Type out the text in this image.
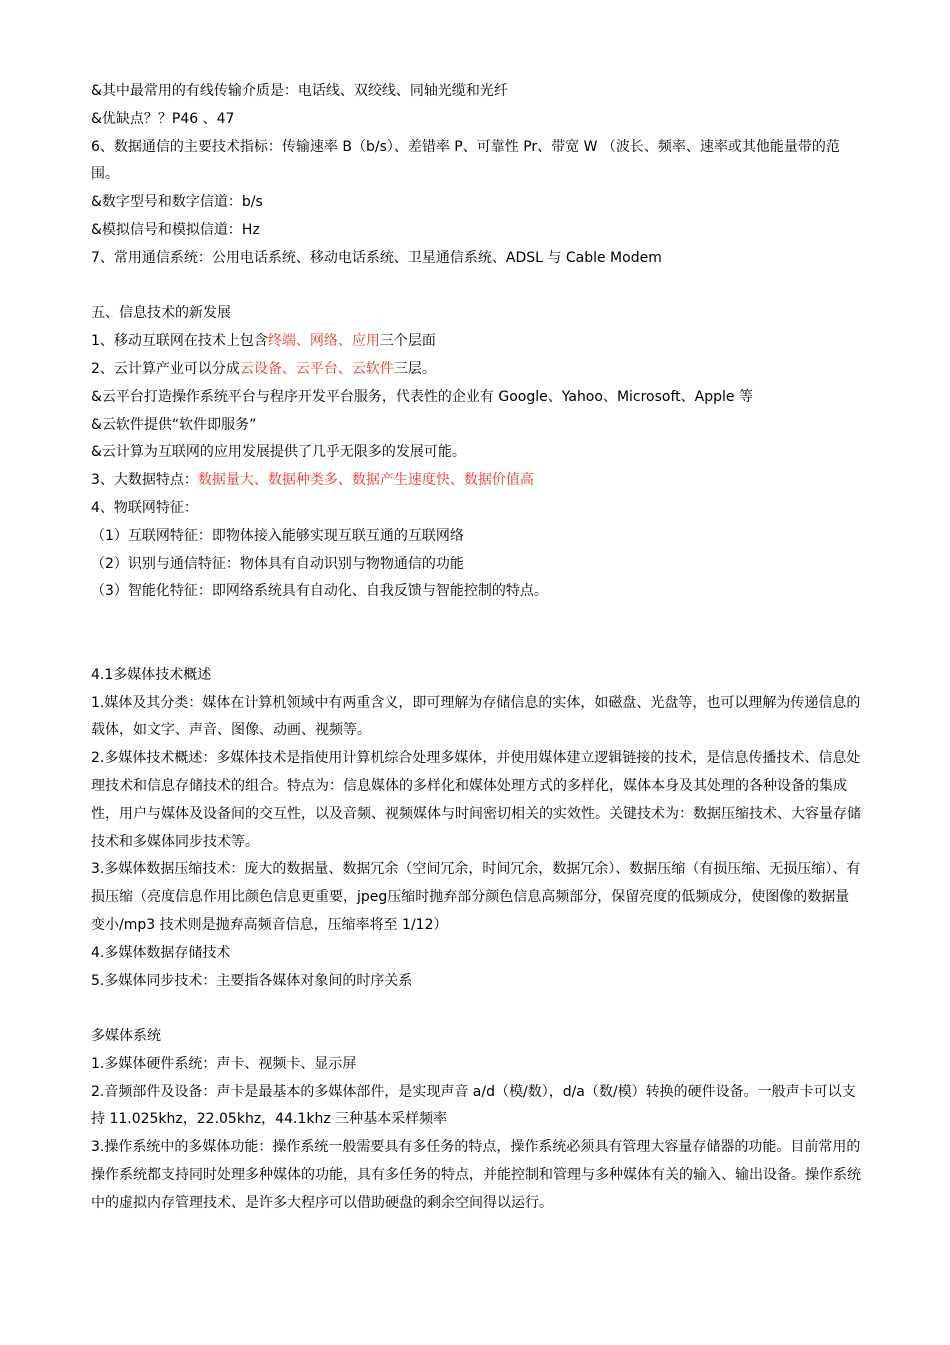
&其中最常用的有线传输介质是：电话线、双绞线、同轴光缆和光纤

&优缺点？？P46 、47

6、数据通信的主要技术指标：传输速率 B（b/s）、差错率 P、可靠性 Pr、带宽 W （波长、频率、速率或其他能量带的范围。

&数字型号和数字信道：b/s

&模拟信号和模拟信道：Hz

7、常用通信系统：公用电话系统、移动电话系统、卫星通信系统、ADSL 与 Cable Modem

五、信息技术的新发展

1、移动互联网在技术上包含终端、网络、应用三个层面

2、云计算产业可以分成云设备、云平台、云软件三层。

&云平台打造操作系统平台与程序开发平台服务，代表性的企业有 Google、Yahoo、Microsoft、Apple 等

&云软件提供“软件即服务”

&云计算为互联网的应用发展提供了几乎无限多的发展可能。

3、大数据特点：数据量大、数据种类多、数据产生速度快、数据价值高

4、物联网特征：

（1）互联网特征：即物体接入能够实现互联互通的互联网络

（2）识别与通信特征：物体具有自动识别与物物通信的功能

（3）智能化特征：即网络系统具有自动化、自我反馈与智能控制的特点。

4.1多媒体技术概述

1.媒体及其分类：媒体在计算机领域中有两重含义，即可理解为存储信息的实体，如磁盘、光盘等，也可以理解为传递信息的载体，如文字、声音、图像、动画、视频等。

2.多媒体技术概述：多媒体技术是指使用计算机综合处理多媒体，并使用媒体建立逻辑链接的技术，是信息传播技术、信息处理技术和信息存储技术的组合。特点为：信息媒体的多样化和媒体处理方式的多样化，媒体本身及其处理的各种设备的集成性，用户与媒体及设备间的交互性，以及音频、视频媒体与时间密切相关的实效性。关键技术为：数据压缩技术、大容量存储技术和多媒体同步技术等。

3.多媒体数据压缩技术：庞大的数据量、数据冗余（空间冗余，时间冗余，数据冗余）、数据压缩（有损压缩、无损压缩）、有损压缩（亮度信息作用比颜色信息更重要，jpeg压缩时抛弃部分颜色信息高频部分，保留亮度的低频成分，使图像的数据量变小/mp3 技术则是抛弃高频音信息，压缩率将至 1/12）

4.多媒体数据存储技术

5.多媒体同步技术：主要指各媒体对象间的时序关系

多媒体系统

1.多媒体硬件系统：声卡、视频卡、显示屏

2.音频部件及设备：声卡是最基本的多媒体部件，是实现声音 a/d（模/数），d/a（数/模）转换的硬件设备。一般声卡可以支持 11.025khz，22.05khz，44.1khz 三种基本采样频率

3.操作系统中的多媒体功能：操作系统一般需要具有多任务的特点，操作系统必须具有管理大容量存储器的功能。目前常用的操作系统都支持同时处理多种媒体的功能，具有多任务的特点，并能控制和管理与多种媒体有关的输入、输出设备。操作系统中的虚拟内存管理技术、是许多大程序可以借助硬盘的剩余空间得以运行。
